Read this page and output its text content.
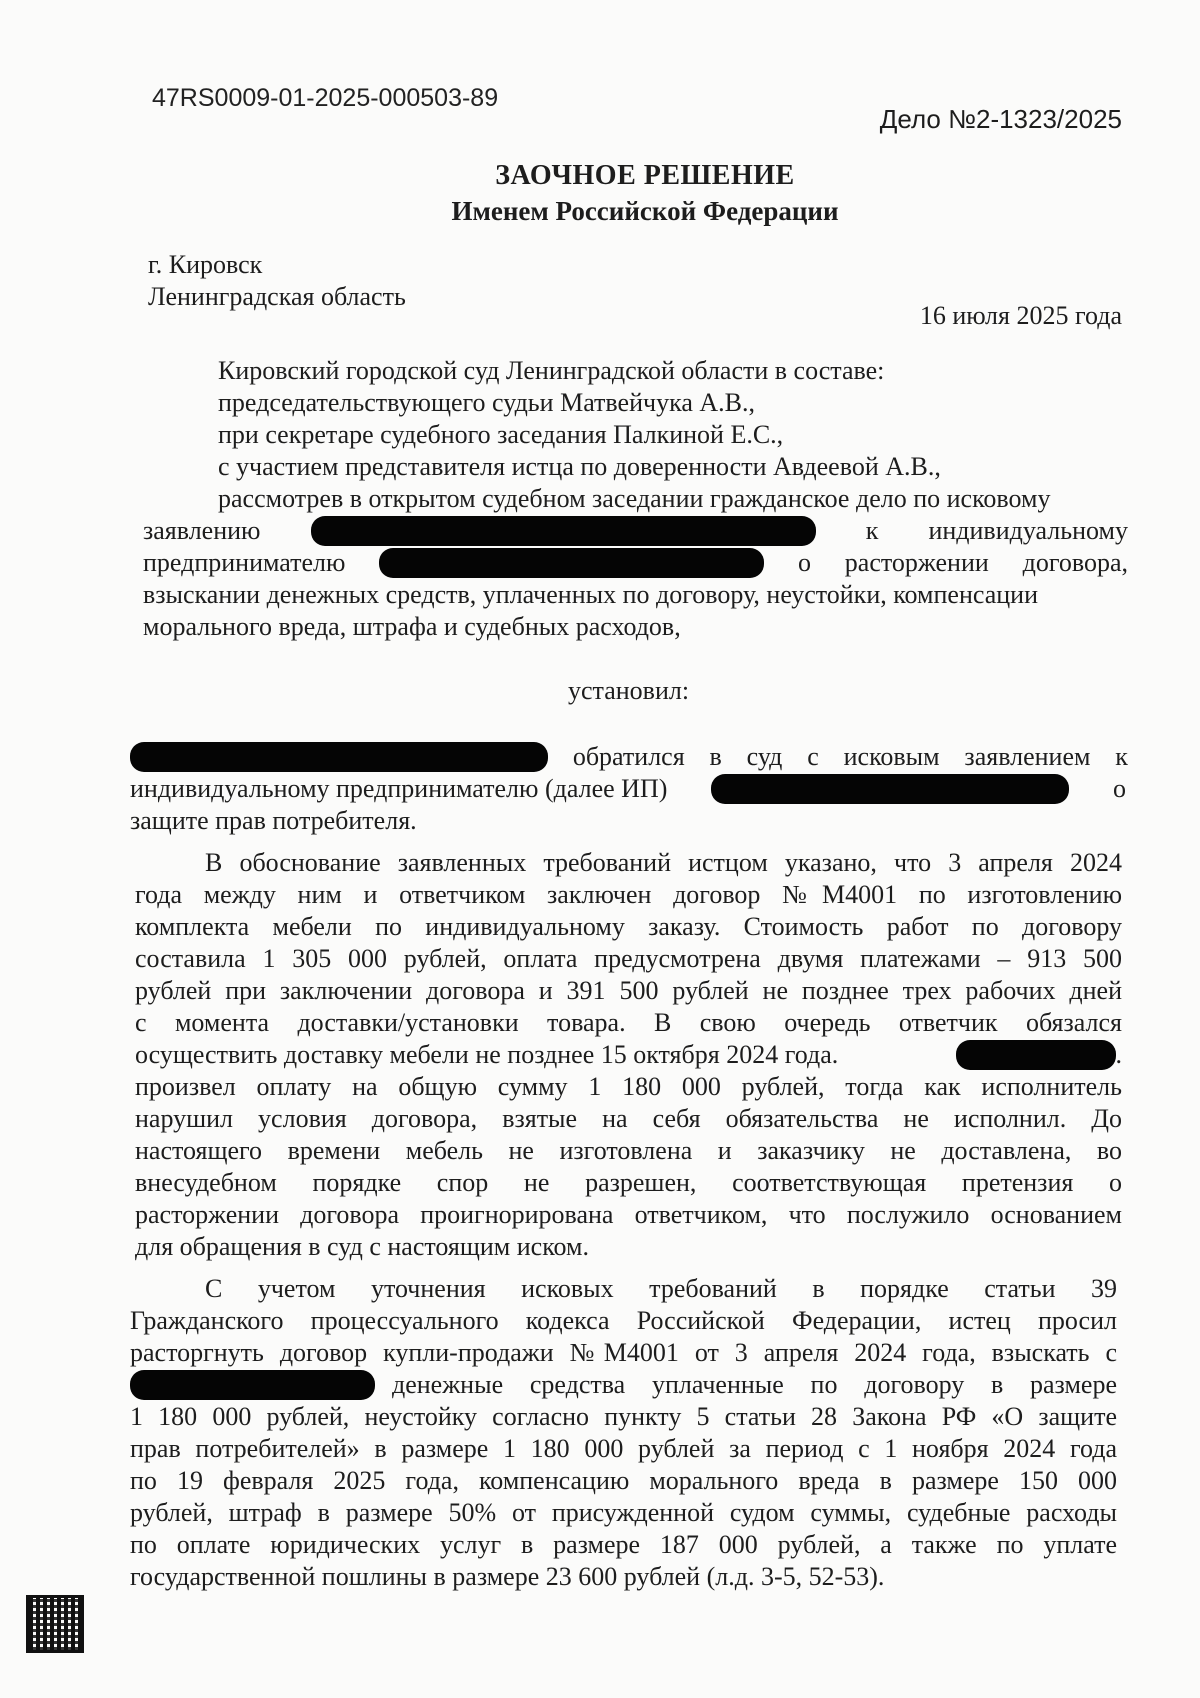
47RS0009-01-2025-000503-89
Дело №2-1323/2025
ЗАОЧНОЕ РЕШЕНИЕ
Именем Российской Федерации
г. Кировск
Ленинградская область
16 июля 2025 года
Кировский городской суд Ленинградской области в составе:
председательствующего судьи Матвейчука А.В.,
при секретаре судебного заседания Палкиной Е.С.,
с участием представителя истца по доверенности Авдеевой А.В.,
рассмотрев в открытом судебном заседании гражданское дело по исковому
заявлению	к индивидуальному
предпринимателю	о расторжении договора,
взыскании денежных средств, уплаченных по договору, неустойки, компенсации
морального вреда, штрафа и судебных расходов,
установил:
обратился в суд с исковым заявлением к
индивидуальному предпринимателю (далее ИП)	о
защите прав потребителя.
В обоснование заявленных требований истцом указано, что 3 апреля 2024
года между ним и ответчиком заключен договор №М4001 по изготовлению
комплекта мебели по индивидуальному заказу. Стоимость работ по договору
составила 1 305 000 рублей, оплата предусмотрена двумя платежами – 913 500
рублей при заключении договора и 391 500 рублей не позднее трех рабочих дней
с момента доставки/установки товара. В свою очередь ответчик обязался
осуществить доставку мебели не позднее 15 октября 2024 года.	.
произвел оплату на общую сумму 1 180 000 рублей, тогда как исполнитель
нарушил условия договора, взятые на себя обязательства не исполнил. До
настоящего времени мебель не изготовлена и заказчику не доставлена, во
внесудебном порядке спор не разрешен, соответствующая претензия о
расторжении договора проигнорирована ответчиком, что послужило основанием
для обращения в суд с настоящим иском.
С учетом уточнения исковых требований в порядке статьи 39
Гражданского процессуального кодекса Российской Федерации, истец просил
расторгнуть договор купли-продажи №М4001 от 3 апреля 2024 года, взыскать с
денежные средства уплаченные по договору в размере
1 180 000 рублей, неустойку согласно пункту 5 статьи 28 Закона РФ «О защите
прав потребителей» в размере 1 180 000 рублей за период с 1 ноября 2024 года
по 19 февраля 2025 года, компенсацию морального вреда в размере 150 000
рублей, штраф в размере 50% от присужденной судом суммы, судебные расходы
по оплате юридических услуг в размере 187 000 рублей, а также по уплате
государственной пошлины в размере 23 600 рублей (л.д. 3-5, 52-53).
